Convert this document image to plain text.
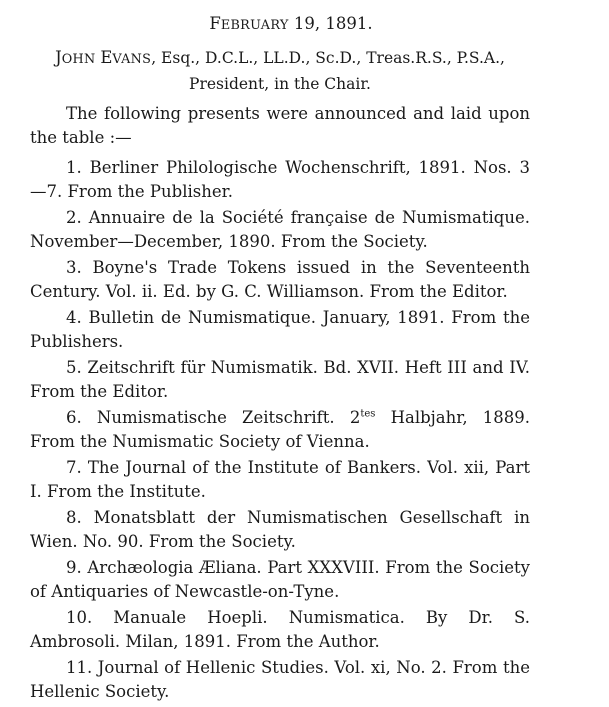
FEBRUARY 19, 1891.

JOHN EVANS, Esq., D.C.L., LL.D., Sc.D., Treas.R.S., P.S.A.,
President, in the Chair.

The following presents were announced and laid upon the table :—

1. Berliner Philologische Wochenschrift, 1891. Nos. 3—7. From the Publisher.

2. Annuaire de la Société française de Numismatique. November—December, 1890. From the Society.

3. Boyne's Trade Tokens issued in the Seventeenth Century. Vol. ii. Ed. by G. C. Williamson. From the Editor.

4. Bulletin de Numismatique. January, 1891. From the Publishers.

5. Zeitschrift für Numismatik. Bd. XVII. Heft III and IV. From the Editor.

6. Numismatische Zeitschrift. $2^{tes}$ Halbjahr, 1889. From the Numismatic Society of Vienna.

7. The Journal of the Institute of Bankers. Vol. xii, Part I. From the Institute.

8. Monatsblatt der Numismatischen Gesellschaft in Wien. No. 90. From the Society.

9. Archæologia Æliana. Part XXXVIII. From the Society of Antiquaries of Newcastle-on-Tyne.

10. Manuale Hoepli. Numismatica. By Dr. S. Ambrosoli. Milan, 1891. From the Author.

11. Journal of Hellenic Studies. Vol. xi, No. 2. From the Hellenic Society.
